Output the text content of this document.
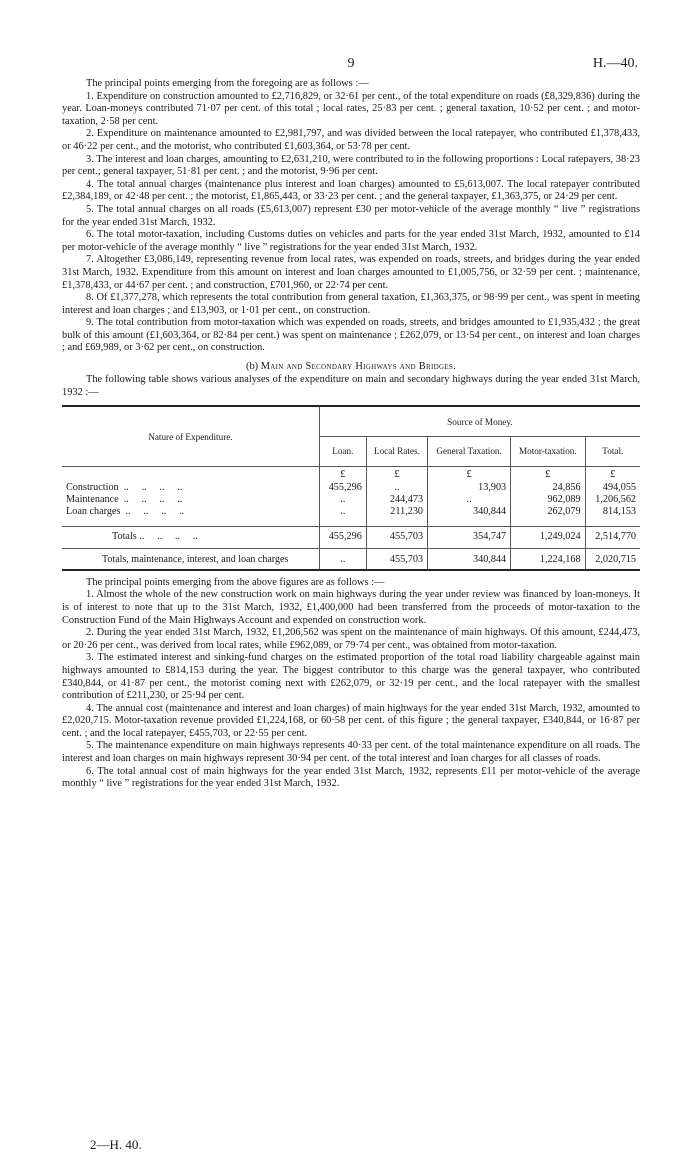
9	H.—40.

The principal points emerging from the foregoing are as follows :—

1. Expenditure on construction amounted to £2,716,829, or 32·61 per cent., of the total expenditure on roads (£8,329,836) during the year. Loan-moneys contributed 71·07 per cent. of this total ; local rates, 25·83 per cent. ; general taxation, 10·52 per cent. ; and motor-taxation, 2·58 per cent.

2. Expenditure on maintenance amounted to £2,981,797, and was divided between the local ratepayer, who contributed £1,378,433, or 46·22 per cent., and the motorist, who contributed £1,603,364, or 53·78 per cent.

3. The interest and loan charges, amounting to £2,631,210, were contributed to in the following proportions : Local ratepayers, 38·23 per cent.; general taxpayer, 51·81 per cent. ; and the motorist, 9·96 per cent.

4. The total annual charges (maintenance plus interest and loan charges) amounted to £5,613,007. The local ratepayer contributed £2,384,189, or 42·48 per cent. ; the motorist, £1,865,443, or 33·23 per cent. ; and the general taxpayer, £1,363,375, or 24·29 per cent.

5. The total annual charges on all roads (£5,613,007) represent £30 per motor-vehicle of the average monthly “ live ” registrations for the year ended 31st March, 1932.

6. The total motor-taxation, including Customs duties on vehicles and parts for the year ended 31st March, 1932, amounted to £14 per motor-vehicle of the average monthly “ live ” registrations for the year ended 31st March, 1932.

7. Altogether £3,086,149, representing revenue from local rates, was expended on roads, streets, and bridges during the year ended 31st March, 1932. Expenditure from this amount on interest and loan charges amounted to £1,005,756, or 32·59 per cent. ; maintenance, £1,378,433, or 44·67 per cent. ; and construction, £701,960, or 22·74 per cent.

8. Of £1,377,278, which represents the total contribution from general taxation, £1,363,375, or 98·99 per cent., was spent in meeting interest and loan charges ; and £13,903, or 1·01 per cent., on construction.

9. The total contribution from motor-taxation which was expended on roads, streets, and bridges amounted to £1,935,432 ; the great bulk of this amount (£1,603,364, or 82·84 per cent.) was spent on maintenance ; £262,079, or 13·54 per cent., on interest and loan charges ; and £69,989, or 3·62 per cent., on construction.

(b) Main and Secondary Highways and Bridges.

The following table shows various analyses of the expenditure on main and secondary highways during the year ended 31st March, 1932 :—

Nature of Expenditure.	Source of Money.				
	Loan.	Local Rates.	General Taxation.	Motor-taxation.	Total.
	£	£	£	£	£
Construction  ..     ..     ..     ..	455,296	..	13,903	24,856	494,055
Maintenance  ..     ..     ..     ..	..	244,473	..	962,089	1,206,562
Loan charges  ..     ..     ..     ..	..	211,230	340,844	262,079	814,153

Totals ..     ..     ..     ..	455,296	455,703	354,747	1,249,024	2,514,770
Totals, maintenance, interest, and loan charges	..	455,703	340,844	1,224,168	2,020,715

The principal points emerging from the above figures are as follows :—

1. Almost the whole of the new construction work on main highways during the year under review was financed by loan-moneys. It is of interest to note that up to the 31st March, 1932, £1,400,000 had been transferred from the proceeds of motor-taxation to the Construction Fund of the Main Highways Account and expended on construction work.

2. During the year ended 31st March, 1932, £1,206,562 was spent on the maintenance of main highways. Of this amount, £244,473, or 20·26 per cent., was derived from local rates, while £962,089, or 79·74 per cent., was obtained from motor-taxation.

3. The estimated interest and sinking-fund charges on the estimated proportion of the total road liability chargeable against main highways amounted to £814,153 during the year. The biggest contributor to this charge was the general taxpayer, who contributed £340,844, or 41·87 per cent., the motorist coming next with £262,079, or 32·19 per cent., and the local ratepayer with the smallest contribution of £211,230, or 25·94 per cent.

4. The annual cost (maintenance and interest and loan charges) of main highways for the year ended 31st March, 1932, amounted to £2,020,715. Motor-taxation revenue provided £1,224,168, or 60·58 per cent. of this figure ; the general taxpayer, £340,844, or 16·87 per cent. ; and the local ratepayer, £455,703, or 22·55 per cent.

5. The maintenance expenditure on main highways represents 40·33 per cent. of the total maintenance expenditure on all roads. The interest and loan charges on main highways represent 30·94 per cent. of the total interest and loan charges for all classes of roads.

6. The total annual cost of main highways for the year ended 31st March, 1932, represents £11 per motor-vehicle of the average monthly “ live ” registrations for the year ended 31st March, 1932.

2—H. 40.
